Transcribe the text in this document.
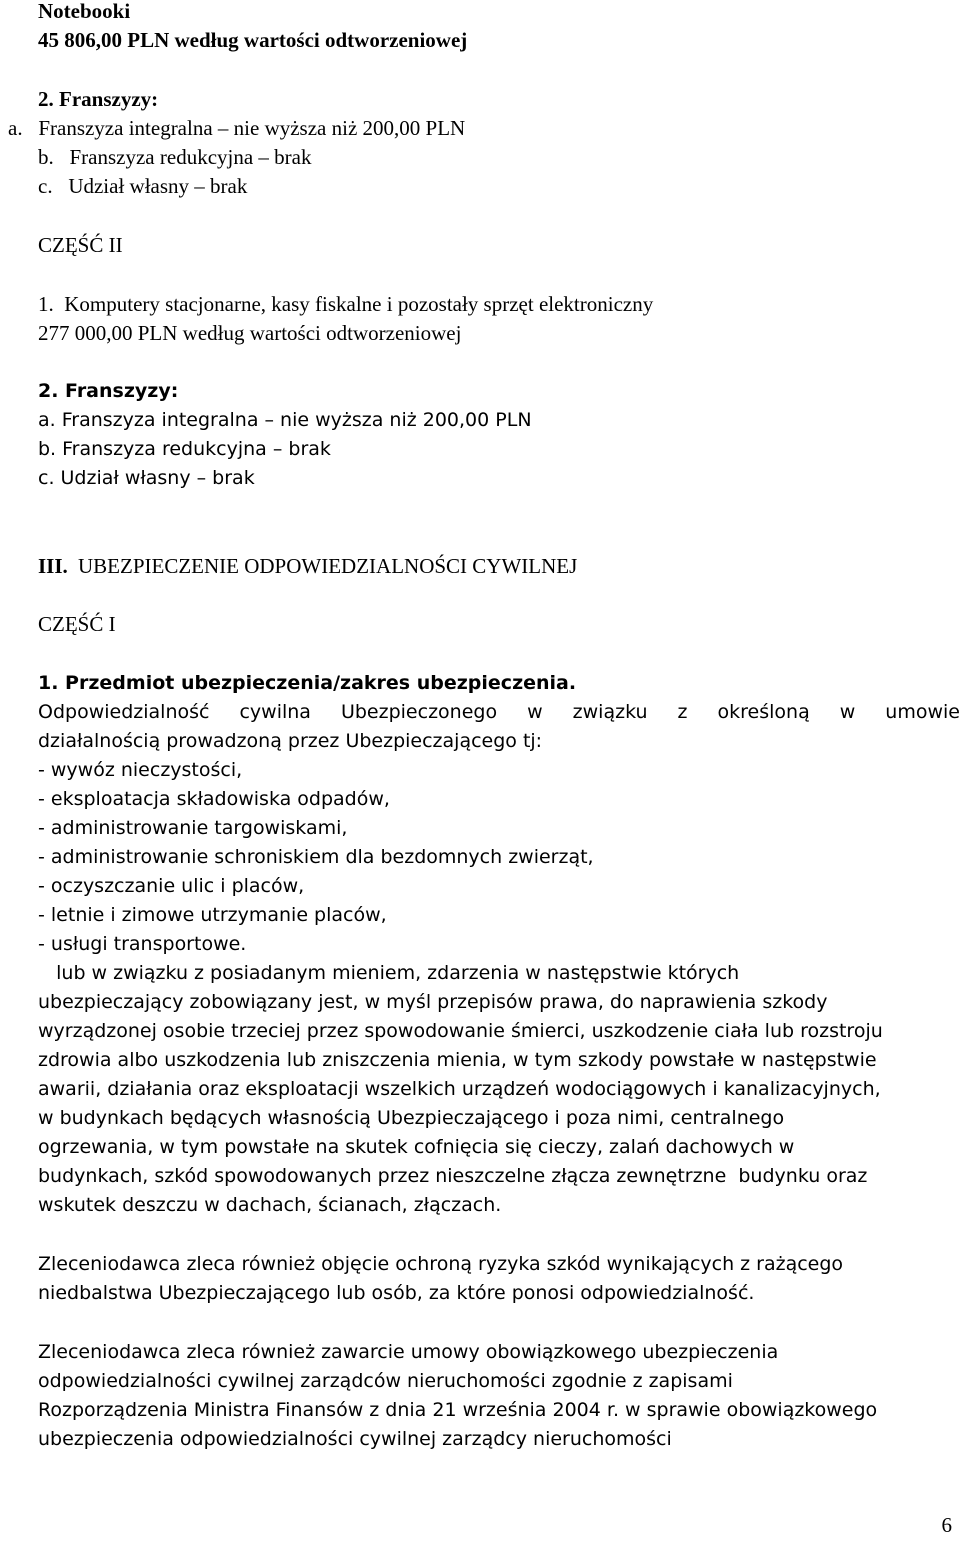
Notebooki
45 806,00 PLN według wartości odtworzeniowej
2. Franszyzy:
a.   Franszyza integralna – nie wyższa niż 200,00 PLN
b.   Franszyza redukcyjna – brak
c.   Udział własny – brak
CZĘŚĆ II
1.  Komputery stacjonarne, kasy fiskalne i pozostały sprzęt elektroniczny
277 000,00 PLN według wartości odtworzeniowej
2. Franszyzy:
a. Franszyza integralna – nie wyższa niż 200,00 PLN
b. Franszyza redukcyjna – brak
c. Udział własny – brak
III. UBEZPIECZENIE ODPOWIEDZIALNOŚCI CYWILNEJ
CZĘŚĆ I
1. Przedmiot ubezpieczenia/zakres ubezpieczenia.
Odpowiedzialność cywilna Ubezpieczonego w związku z określoną w umowie
działalnością prowadzoną przez Ubezpieczającego tj:
- wywóz nieczystości,
- eksploatacja składowiska odpadów,
- administrowanie targowiskami,
- administrowanie schroniskiem dla bezdomnych zwierząt,
- oczyszczanie ulic i placów,
- letnie i zimowe utrzymanie placów,
- usługi transportowe.
lub w związku z posiadanym mieniem, zdarzenia w następstwie których
ubezpieczający zobowiązany jest, w myśl przepisów prawa, do naprawienia szkody
wyrządzonej osobie trzeciej przez spowodowanie śmierci, uszkodzenie ciała lub rozstroju
zdrowia albo uszkodzenia lub zniszczenia mienia, w tym szkody powstałe w następstwie
awarii, działania oraz eksploatacji wszelkich urządzeń wodociągowych i kanalizacyjnych,
w budynkach będących własnością Ubezpieczającego i poza nimi, centralnego
ogrzewania, w tym powstałe na skutek cofnięcia się cieczy, zalań dachowych w
budynkach, szkód spowodowanych przez nieszczelne złącza zewnętrzne  budynku oraz
wskutek deszczu w dachach, ścianach, złączach.
Zleceniodawca zleca również objęcie ochroną ryzyka szkód wynikających z rażącego
niedbalstwa Ubezpieczającego lub osób, za które ponosi odpowiedzialność.
Zleceniodawca zleca również zawarcie umowy obowiązkowego ubezpieczenia
odpowiedzialności cywilnej zarządców nieruchomości zgodnie z zapisami
Rozporządzenia Ministra Finansów z dnia 21 września 2004 r. w sprawie obowiązkowego
ubezpieczenia odpowiedzialności cywilnej zarządcy nieruchomości
6
